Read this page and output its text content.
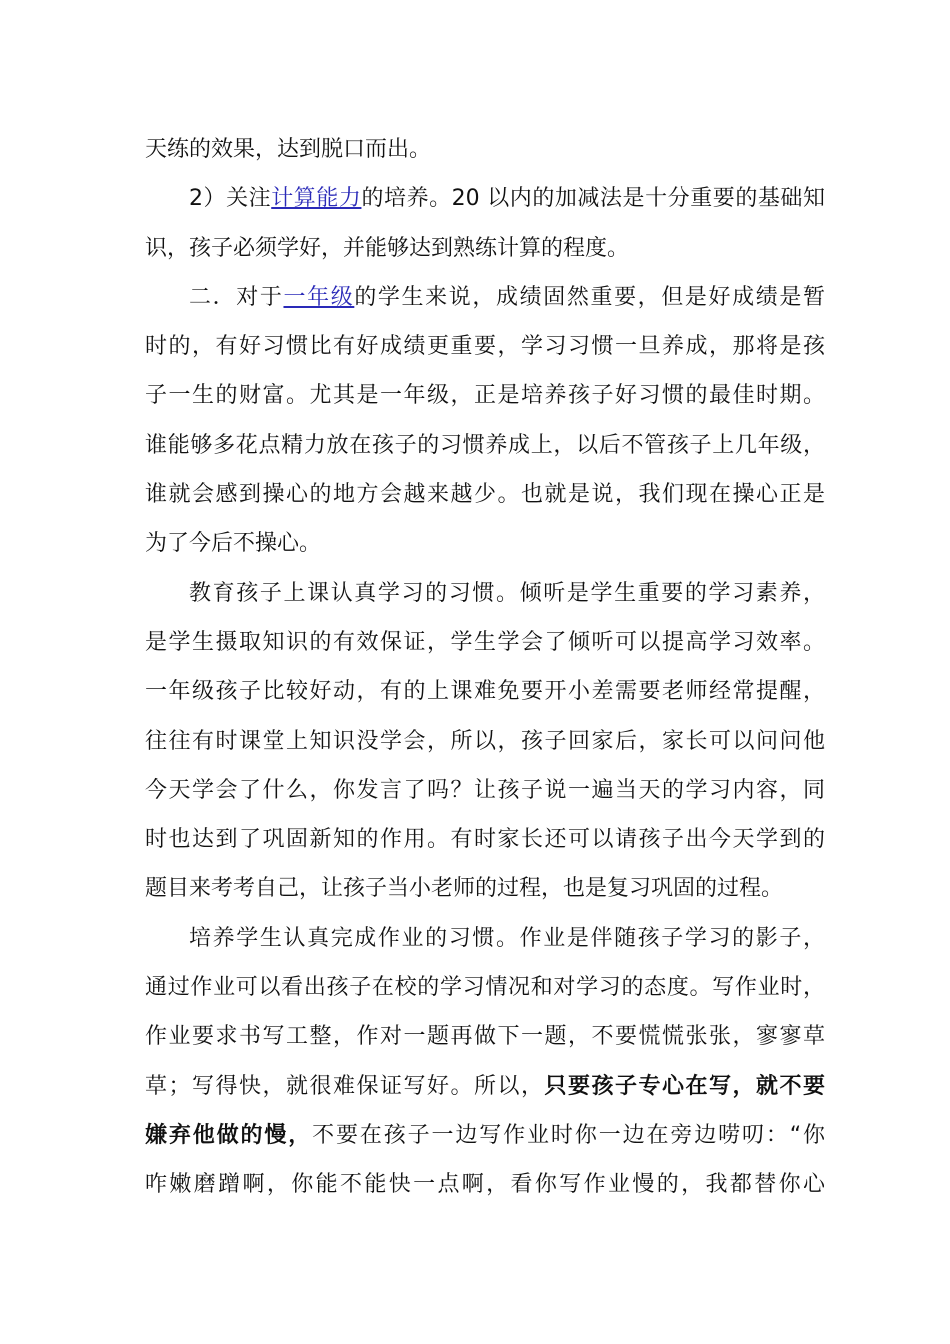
天练的效果，达到脱口而出。
2）关注计算能力的培养。20 以内的加减法是十分重要的基础知
识，孩子必须学好，并能够达到熟练计算的程度。
二．对于一年级的学生来说，成绩固然重要，但是好成绩是暂
时的，有好习惯比有好成绩更重要，学习习惯一旦养成，那将是孩
子一生的财富。尤其是一年级，正是培养孩子好习惯的最佳时期。
谁能够多花点精力放在孩子的习惯养成上，以后不管孩子上几年级，
谁就会感到操心的地方会越来越少。也就是说，我们现在操心正是
为了今后不操心。
教育孩子上课认真学习的习惯。倾听是学生重要的学习素养，
是学生摄取知识的有效保证，学生学会了倾听可以提高学习效率。
一年级孩子比较好动，有的上课难免要开小差需要老师经常提醒，
往往有时课堂上知识没学会，所以，孩子回家后，家长可以问问他
今天学会了什么，你发言了吗？让孩子说一遍当天的学习内容，同
时也达到了巩固新知的作用。有时家长还可以请孩子出今天学到的
题目来考考自己，让孩子当小老师的过程，也是复习巩固的过程。
培养学生认真完成作业的习惯。作业是伴随孩子学习的影子，
通过作业可以看出孩子在校的学习情况和对学习的态度。写作业时，
作业要求书写工整，作对一题再做下一题，不要慌慌张张，寥寥草
草；写得快，就很难保证写好。所以，只要孩子专心在写，就不要
嫌弃他做的慢，不要在孩子一边写作业时你一边在旁边唠叨：“你
咋嫩磨蹭啊，你能不能快一点啊，看你写作业慢的，我都替你心
